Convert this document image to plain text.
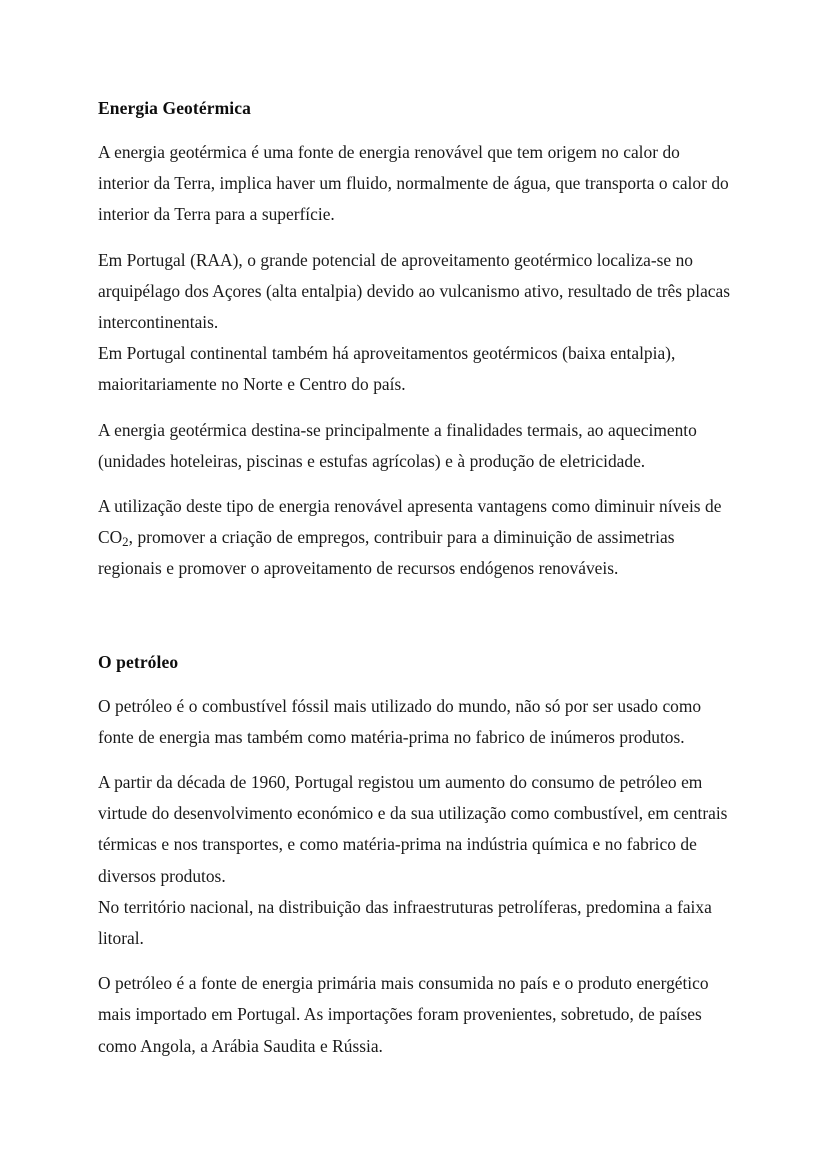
Energia Geotérmica

A energia geotérmica é uma fonte de energia renovável que tem origem no calor do interior da Terra, implica haver um fluido, normalmente de água, que transporta o calor do interior da Terra para a superfície.

Em Portugal (RAA), o grande potencial de aproveitamento geotérmico localiza-se no arquipélago dos Açores (alta entalpia) devido ao vulcanismo ativo, resultado de três placas intercontinentais.
Em Portugal continental também há aproveitamentos geotérmicos (baixa entalpia), maioritariamente no Norte e Centro do país.

A energia geotérmica destina-se principalmente a finalidades termais, ao aquecimento (unidades hoteleiras, piscinas e estufas agrícolas) e à produção de eletricidade.

A utilização deste tipo de energia renovável apresenta vantagens como diminuir níveis de $CO_2$, promover a criação de empregos, contribuir para a diminuição de assimetrias regionais e promover o aproveitamento de recursos endógenos renováveis.

O petróleo

O petróleo é o combustível fóssil mais utilizado do mundo, não só por ser usado como fonte de energia mas também como matéria-prima no fabrico de inúmeros produtos.

A partir da década de 1960, Portugal registou um aumento do consumo de petróleo em virtude do desenvolvimento económico e da sua utilização como combustível, em centrais térmicas e nos transportes, e como matéria-prima na indústria química e no fabrico de diversos produtos.
No território nacional, na distribuição das infraestruturas petrolíferas, predomina a faixa litoral.

O petróleo é a fonte de energia primária mais consumida no país e o produto energético mais importado em Portugal. As importações foram provenientes, sobretudo, de países como Angola, a Arábia Saudita e Rússia.
